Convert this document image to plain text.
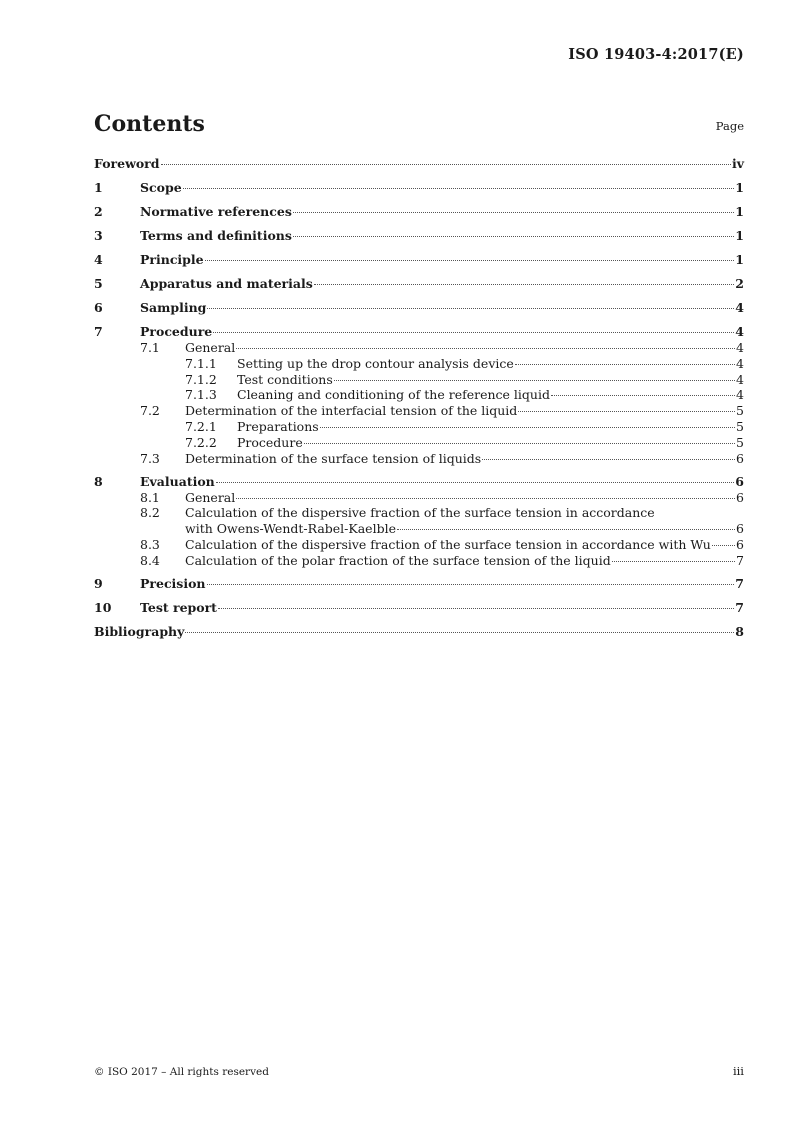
ISO 19403-4:2017(E)
Contents	Page
Foreword	iv
1	Scope	1
2	Normative references	1
3	Terms and definitions	1
4	Principle	1
5	Apparatus and materials	2
6	Sampling	4
7	Procedure	4
7.1	General	4
7.1.1	Setting up the drop contour analysis device	4
7.1.2	Test conditions	4
7.1.3	Cleaning and conditioning of the reference liquid	4
7.2	Determination of the interfacial tension of the liquid	5
7.2.1	Preparations	5
7.2.2	Procedure	5
7.3	Determination of the surface tension of liquids	6
8	Evaluation	6
8.1	General	6
8.2	Calculation of the dispersive fraction of the surface tension in accordance
with Owens-Wendt-Rabel-Kaelble	6
8.3	Calculation of the dispersive fraction of the surface tension in accordance with Wu 6
8.4	Calculation of the polar fraction of the surface tension of the liquid	7
9	Precision	7
10	Test report	7
Bibliography	8
© ISO 2017 – All rights reserved	iii
